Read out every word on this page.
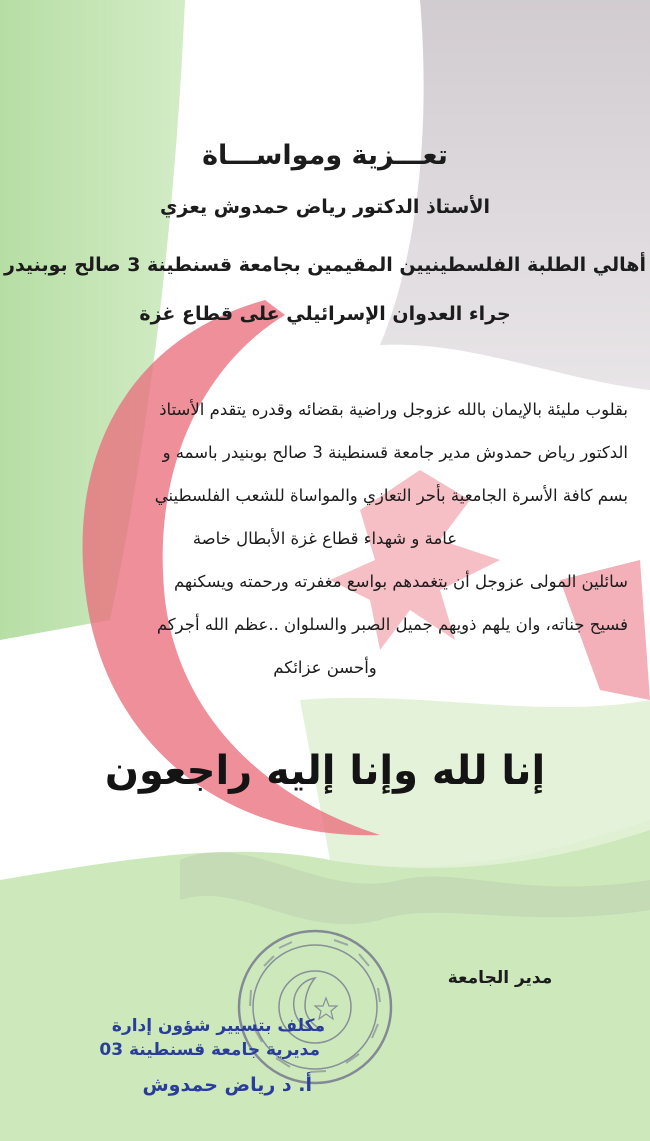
تعـــزية ومواســـاة
الأستاذ الدكتور رياض حمدوش يعزي
أهالي الطلبة الفلسطينيين المقيمين بجامعة قسنطينة 3 صالح بوبنيدر
جراء العدوان الإسرائيلي على قطاع غزة
بقلوب مليئة بالإيمان بالله عزوجل وراضية بقضائه وقدره يتقدم الأستاذ
الدكتور رياض حمدوش مدير جامعة قسنطينة 3 صالح بوبنيدر باسمه و
بسم كافة الأسرة الجامعية بأحر التعازي والمواساة للشعب الفلسطيني
عامة و شهداء قطاع غزة الأبطال خاصة
سائلين المولى عزوجل أن يتغمدهم بواسع مغفرته ورحمته ويسكنهم
فسيح جناته، وان يلهم ذويهم جميل الصبر والسلوان ..عظم الله أجركم
وأحسن عزائكم
إنا لله وإنا إليه راجعون
مدير الجامعة
مكلف بتسيير شؤون إدارة
مديرية جامعة قسنطينة 03
أ. د رياض حمدوش
